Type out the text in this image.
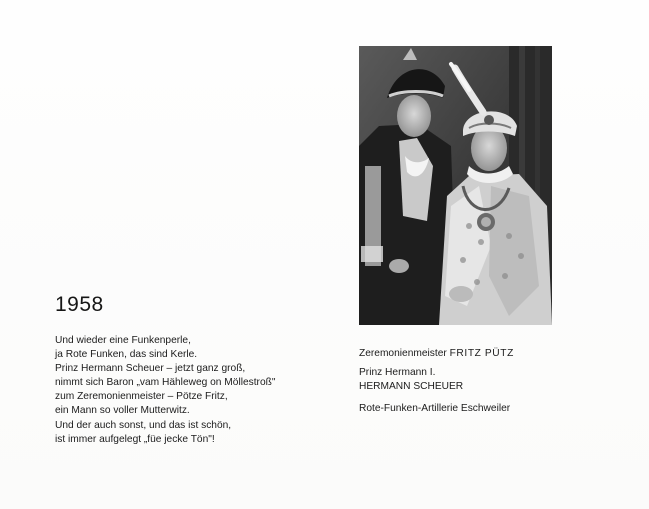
1958
Und wieder eine Funkenperle,
ja Rote Funken, das sind Kerle.
Prinz Hermann Scheuer – jetzt ganz groß,
nimmt sich Baron „vam Hähleweg on Möllestroß"
zum Zeremonienmeister – Pötze Fritz,
ein Mann so voller Mutterwitz.
Und der auch sonst, und das ist schön,
ist immer aufgelegt „füe jecke Tön"!
Zeremonienmeister FRITZ PÜTZ
Prinz Hermann I.
HERMANN SCHEUER
Rote-Funken-Artillerie Eschweiler
